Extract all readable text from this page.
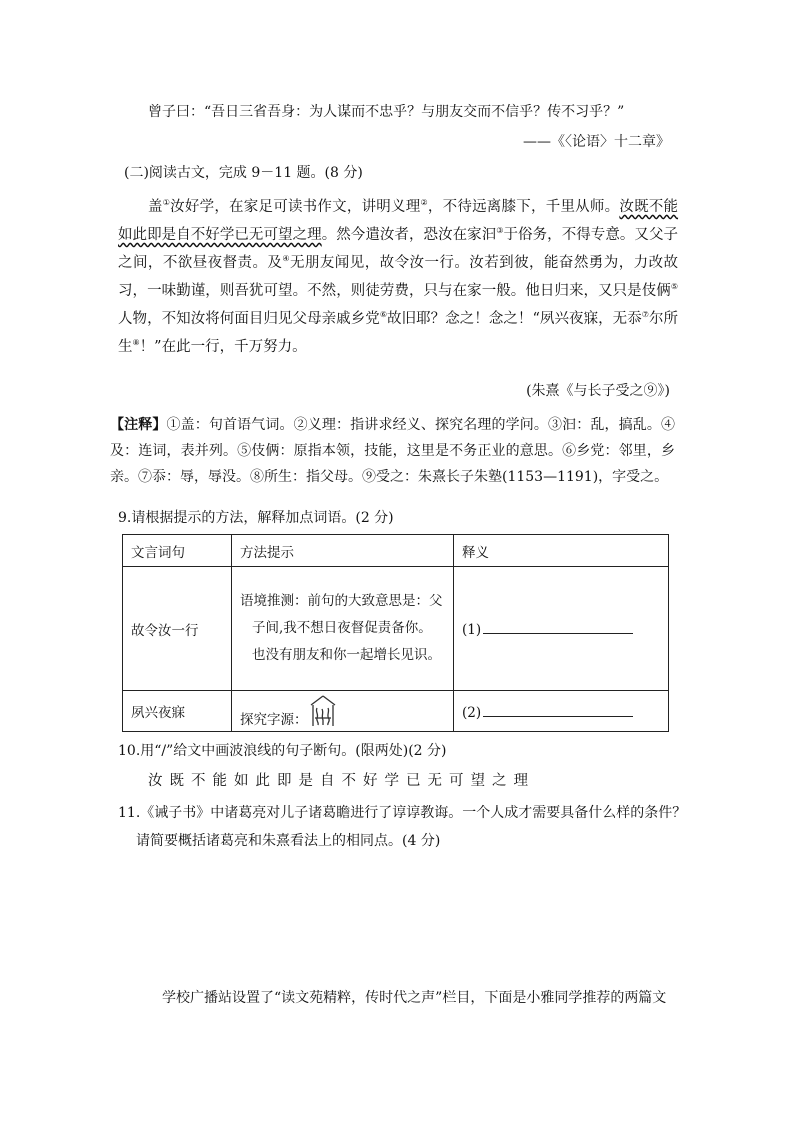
曾子曰：“吾日三省吾身：为人谋而不忠乎？与朋友交而不信乎？传不习乎？”
——《〈论语〉十二章》
(二)阅读古文，完成 9－11 题。(8 分)
盖①汝好学，在家足可读书作文，讲明义理②，不待远离膝下，千里从师。汝既不能如此即是自不好学已无可望之理。然今遣汝者，恐汝在家汩③于俗务，不得专意。又父子之间，不欲昼夜督责。及④无朋友闻见，故令汝一行。汝若到彼，能奋然勇为，力改故习，一味勤谨，则吾犹可望。不然，则徒劳费，只与在家一般。他日归来，又只是伎俩⑤人物，不知汝将何面目归见父母亲戚乡党⑥故旧耶？念之！念之！“夙兴夜寐，无忝⑦尔所生⑧！”在此一行，千万努力。
(朱熹《与长子受之⑨》)
【注释】①盖：句首语气词。②义理：指讲求经义、探究名理的学问。③汩：乱，搞乱。④及：连词，表并列。⑤伎俩：原指本领，技能，这里是不务正业的意思。⑥乡党：邻里，乡亲。⑦忝：辱，辱没。⑧所生：指父母。⑨受之：朱熹长子朱塾(1153—1191)，字受之。
9.请根据提示的方法，解释加点词语。(2 分)
文言词句	方法提示	释义
故令汝一行	语境推测：前句的大致意思是：父子间,我不想日夜督促责备你。也没有朋友和你一起增长见识。	(1)
夙兴夜寐	探究字源：	(2)
10.用“/”给文中画波浪线的句子断句。(限两处)(2 分)
汝既不能如此即是自不好学已无可望之理
11.《诫子书》中诸葛亮对儿子诸葛瞻进行了谆谆教诲。一个人成才需要具备什么样的条件？
请简要概括诸葛亮和朱熹看法上的相同点。(4 分)
学校广播站设置了“读文苑精粹，传时代之声”栏目，下面是小雅同学推荐的两篇文
